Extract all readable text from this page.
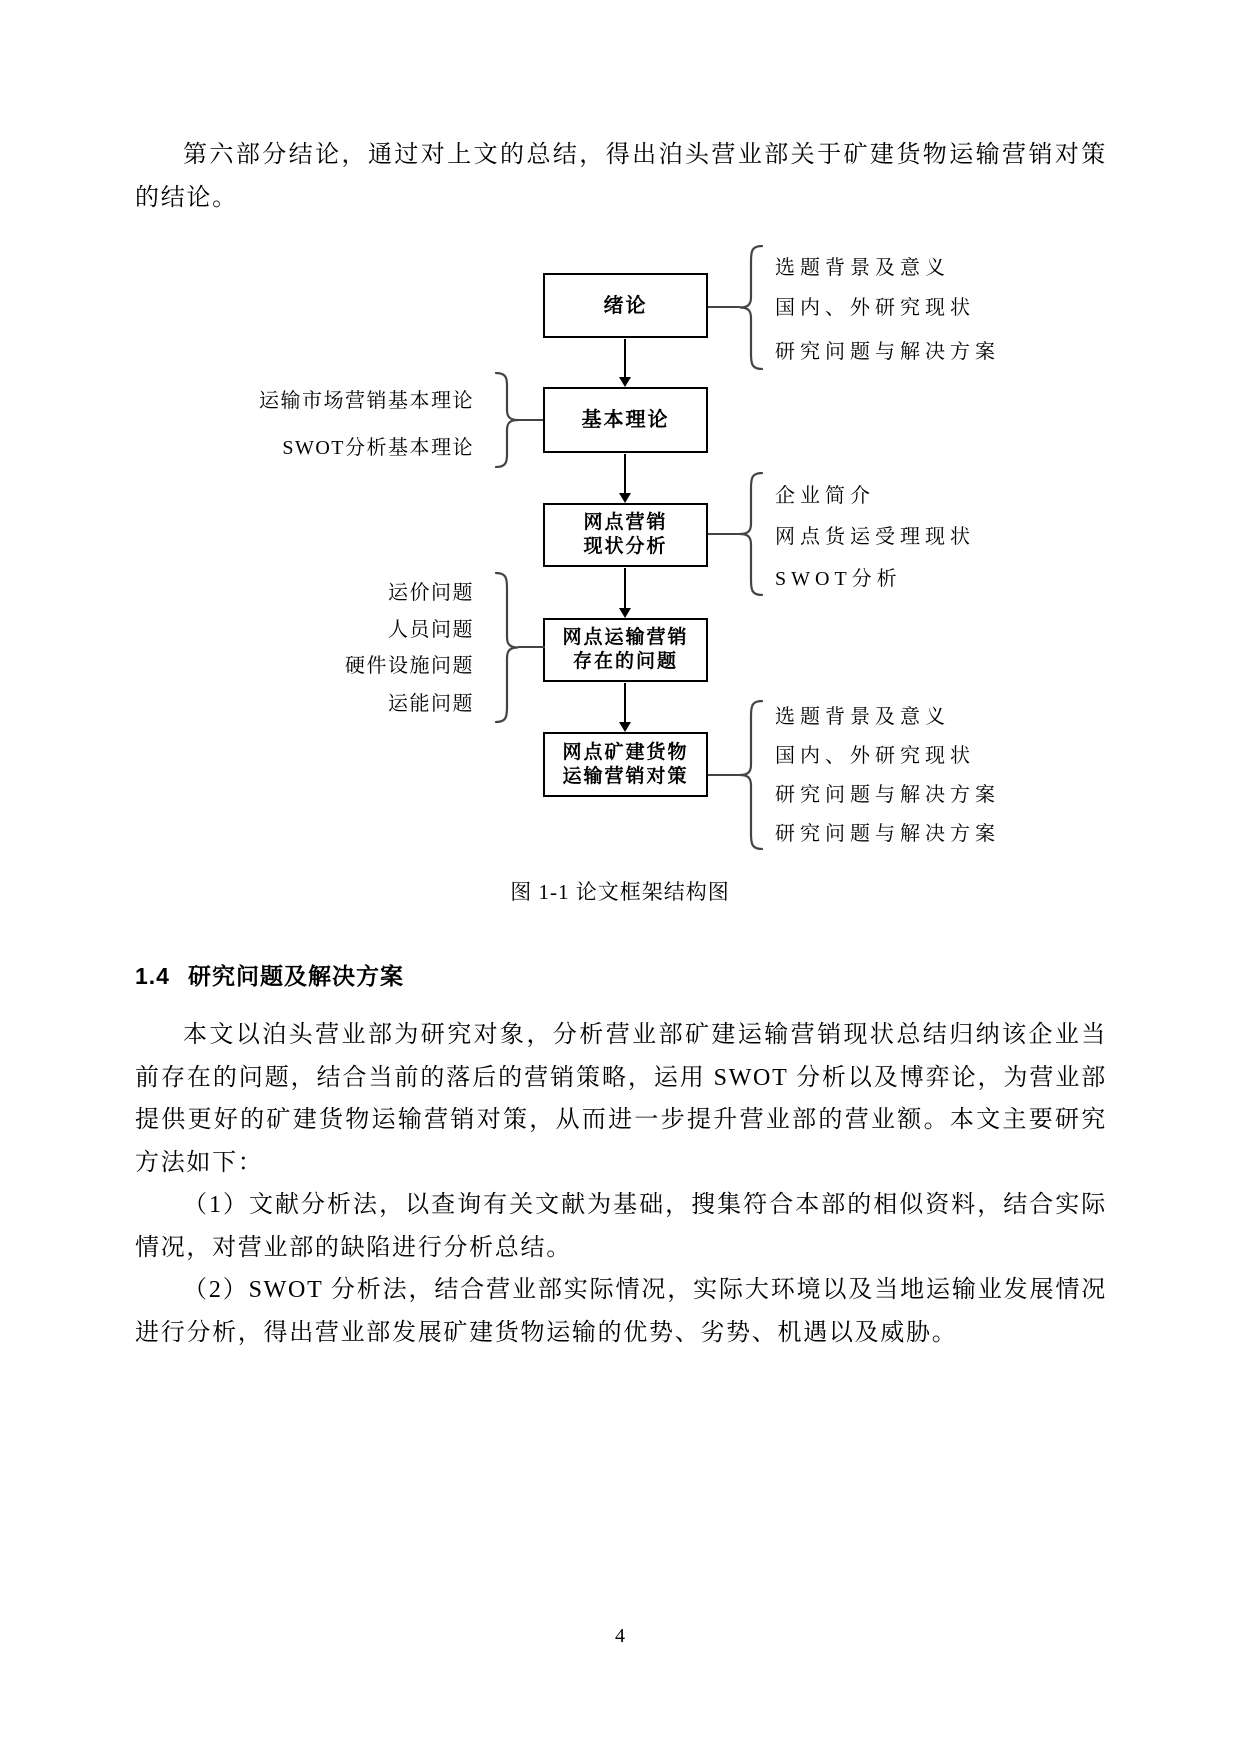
第六部分结论，通过对上文的总结，得出泊头营业部关于矿建货物运输营销对策的结论。

绪论
基本理论
网点营销
现状分析
网点运输营销
存在的问题
网点矿建货物
运输营销对策
选题背景及意义
国内、外研究现状
研究问题与解决方案
运输市场营销基本理论
SWOT分析基本理论
企业简介
网点货运受理现状
SWOT分析
运价问题
人员问题
硬件设施问题
运能问题
选题背景及意义
国内、外研究现状
研究问题与解决方案
研究问题与解决方案
图 1-1 论文框架结构图
1.4 研究问题及解决方案

本文以泊头营业部为研究对象，分析营业部矿建运输营销现状总结归纳该企业当前存在的问题，结合当前的落后的营销策略，运用 SWOT 分析以及博弈论，为营业部提供更好的矿建货物运输营销对策，从而进一步提升营业部的营业额。本文主要研究方法如下：

（1）文献分析法，以查询有关文献为基础，搜集符合本部的相似资料，结合实际情况，对营业部的缺陷进行分析总结。

（2）SWOT 分析法，结合营业部实际情况，实际大环境以及当地运输业发展情况进行分析，得出营业部发展矿建货物运输的优势、劣势、机遇以及威胁。

4
